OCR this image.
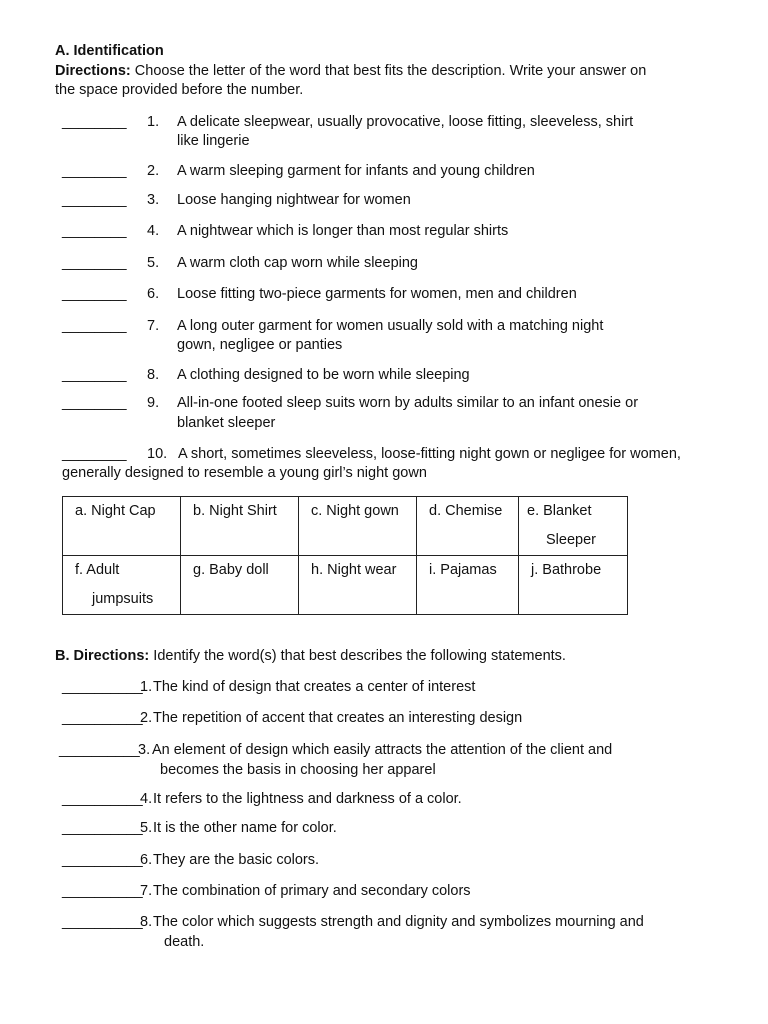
A. Identification
Directions: Choose the letter of the word that best fits the description. Write your answer on
the space provided before the number.
________ 1. A delicate sleepwear, usually provocative, loose fitting, sleeveless, shirt
like lingerie
________ 2. A warm sleeping garment for infants and young children
________ 3. Loose hanging nightwear for women
________ 4. A nightwear which is longer than most regular shirts
________ 5. A warm cloth cap worn while sleeping
________ 6. Loose fitting two-piece garments for women, men and children
________ 7. A long outer garment for women usually sold with a matching night
gown, negligee or panties
________ 8. A clothing designed to be worn while sleeping
________ 9. All-in-one footed sleep suits worn by adults similar to an infant onesie or
blanket sleeper
________ 10. A short, sometimes sleeveless, loose-fitting night gown or negligee for women,
generally designed to resemble a young girl’s night gown
a. Night Cap	b. Night Shirt	c. Night gown	d. Chemise	e. Blanket
Sleeper

f. Adult
jumpsuits	g. Baby doll	h. Night wear	i. Pajamas	j. Bathrobe
B. Directions: Identify the word(s) that best describes the following statements.
__________
1. The kind of design that creates a center of interest
__________
2. The repetition of accent that creates an interesting design
__________
3. An element of design which easily attracts the attention of the client and
becomes the basis in choosing her apparel
__________
4. It refers to the lightness and darkness of a color.
__________
5. It is the other name for color.
__________
6. They are the basic colors.
__________
7. The combination of primary and secondary colors
__________
8. The color which suggests strength and dignity and symbolizes mourning and
death.
